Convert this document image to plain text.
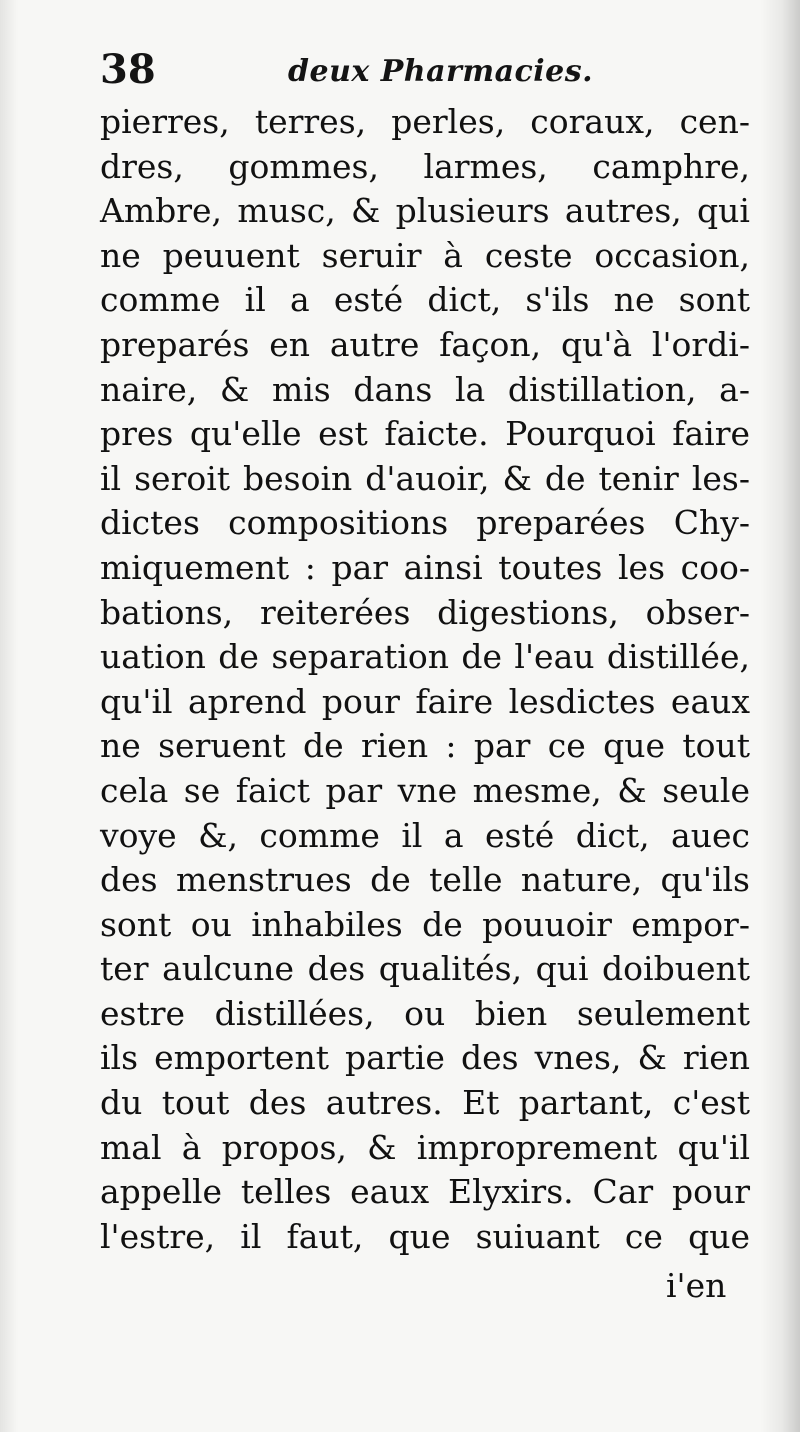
38	deux Pharmacies.
pierres, terres, perles, coraux, cen-
dres, gommes, larmes, camphre,
Ambre, musc, & plusieurs autres, qui
ne peuuent seruir à ceste occasion,
comme il a esté dict, s'ils ne sont
preparés en autre façon, qu'à l'ordi-
naire, & mis dans la distillation, a-
pres qu'elle est faicte. Pourquoi faire
il seroit besoin d'auoir, & de tenir les-
dictes compositions preparées Chy-
miquement : par ainsi toutes les coo-
bations, reiterées digestions, obser-
uation de separation de l'eau distillée,
qu'il aprend pour faire lesdictes eaux
ne seruent de rien : par ce que tout
cela se faict par vne mesme, & seule
voye &, comme il a esté dict, auec
des menstrues de telle nature, qu'ils
sont ou inhabiles de pouuoir empor-
ter aulcune des qualités, qui doibuent
estre distillées, ou bien seulement
ils emportent partie des vnes, & rien
du tout des autres. Et partant, c'est
mal à propos, & improprement qu'il
appelle telles eaux Elyxirs. Car pour
l'estre, il faut, que suiuant ce que
i'en
